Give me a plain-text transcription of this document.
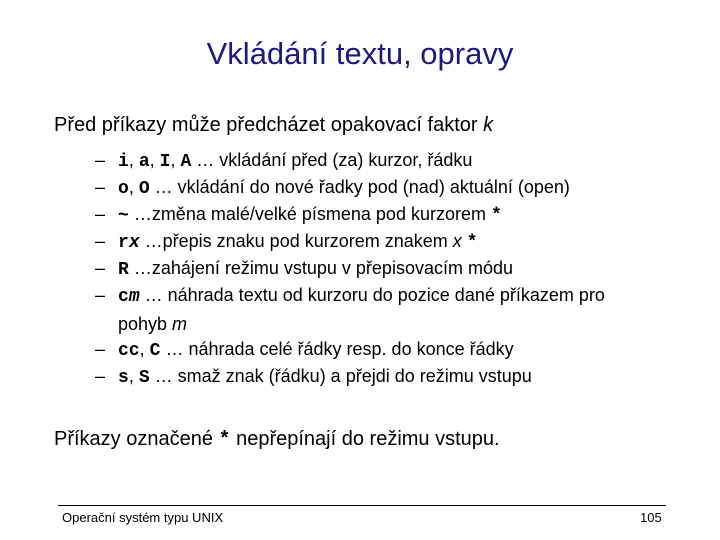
Vkládání textu, opravy
Před příkazy může předcházet opakovací faktor k
– i, a, I, A … vkládání před (za) kurzor, řádku
– o, O … vkládání do nové řadky pod (nad) aktuální (open)
– ~ …změna malé/velké písmena pod kurzorem *
– rx …přepis znaku pod kurzorem znakem x *
– R …zahájení režimu vstupu v přepisovacím módu
– cm … náhrada textu od kurzoru do pozice dané příkazem pro pohyb m
– cc, C … náhrada celé řádky resp. do konce řádky
– s, S … smaž znak (řádku) a přejdi do režimu vstupu
Příkazy označené * nepřepínají do režimu vstupu.
Operační systém typu UNIX	105
